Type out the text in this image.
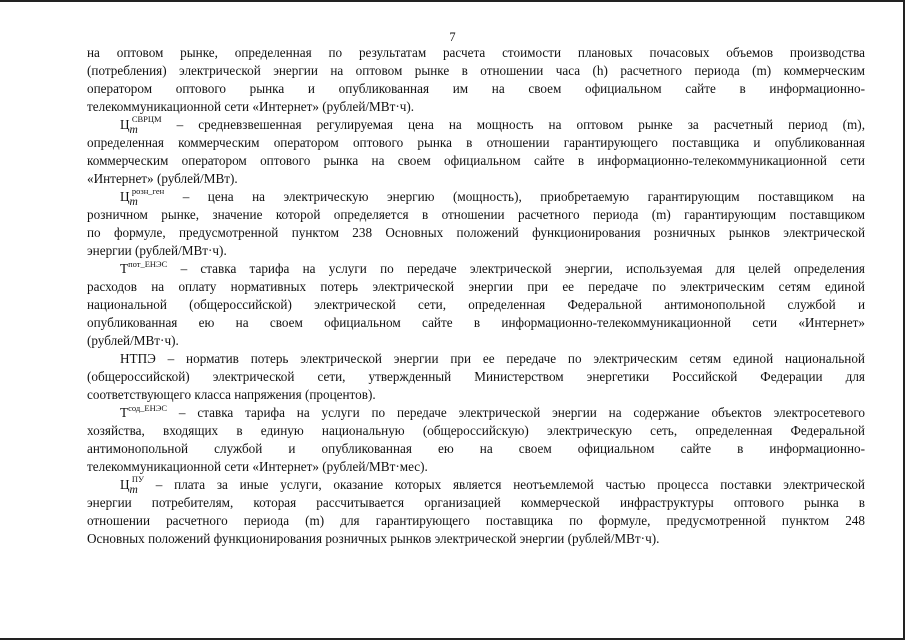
7
на оптовом рынке, определенная по результатам расчета стоимости плановых почасовых объемов производства
(потребления) электрической энергии на оптовом рынке в отношении часа (h) расчетного периода (m) коммерческим
оператором оптового рынка и опубликованная им на своем официальном сайте в информационно-
телекоммуникационной сети «Интернет» (рублей/МВт·ч).
$Цm^{СВРЦМ}$ – средневзвешенная регулируемая цена на мощность на оптовом рынке за расчетный период (m),
определенная коммерческим оператором оптового рынка в отношении гарантирующего поставщика и опубликованная
коммерческим оператором оптового рынка на своем официальном сайте в информационно-телекоммуникационной сети
«Интернет» (рублей/МВт).
$Цm^{розн\_ген}$ – цена на электрическую энергию (мощность), приобретаемую гарантирующим поставщиком на
розничном рынке, значение которой определяется в отношении расчетного периода (m) гарантирующим поставщиком
по формуле, предусмотренной пунктом 238 Основных положений функционирования розничных рынков электрической
энергии (рублей/МВт·ч).
$Т^{пот\_ЕНЭС}$ – ставка тарифа на услуги по передаче электрической энергии, используемая для целей определения
расходов на оплату нормативных потерь электрической энергии при ее передаче по электрическим сетям единой
национальной (общероссийской) электрической сети, определенная Федеральной антимонопольной службой и
опубликованная ею на своем официальном сайте в информационно-телекоммуникационной сети «Интернет»
(рублей/МВт·ч).
НТПЭ – норматив потерь электрической энергии при ее передаче по электрическим сетям единой национальной
(общероссийской) электрической сети, утвержденный Министерством энергетики Российской Федерации для
соответствующего класса напряжения (процентов).
$Т^{сод\_ЕНЭС}$ – ставка тарифа на услуги по передаче электрической энергии на содержание объектов электросетевого
хозяйства, входящих в единую национальную (общероссийскую) электрическую сеть, определенная Федеральной
антимонопольной службой и опубликованная ею на своем официальном сайте в информационно-
телекоммуникационной сети «Интернет» (рублей/МВт·мес).
$Цm^{ПУ}$ – плата за иные услуги, оказание которых является неотъемлемой частью процесса поставки электрической
энергии потребителям, которая рассчитывается организацией коммерческой инфраструктуры оптового рынка в
отношении расчетного периода (m) для гарантирующего поставщика по формуле, предусмотренной пунктом 248
Основных положений функционирования розничных рынков электрической энергии (рублей/МВт·ч).
